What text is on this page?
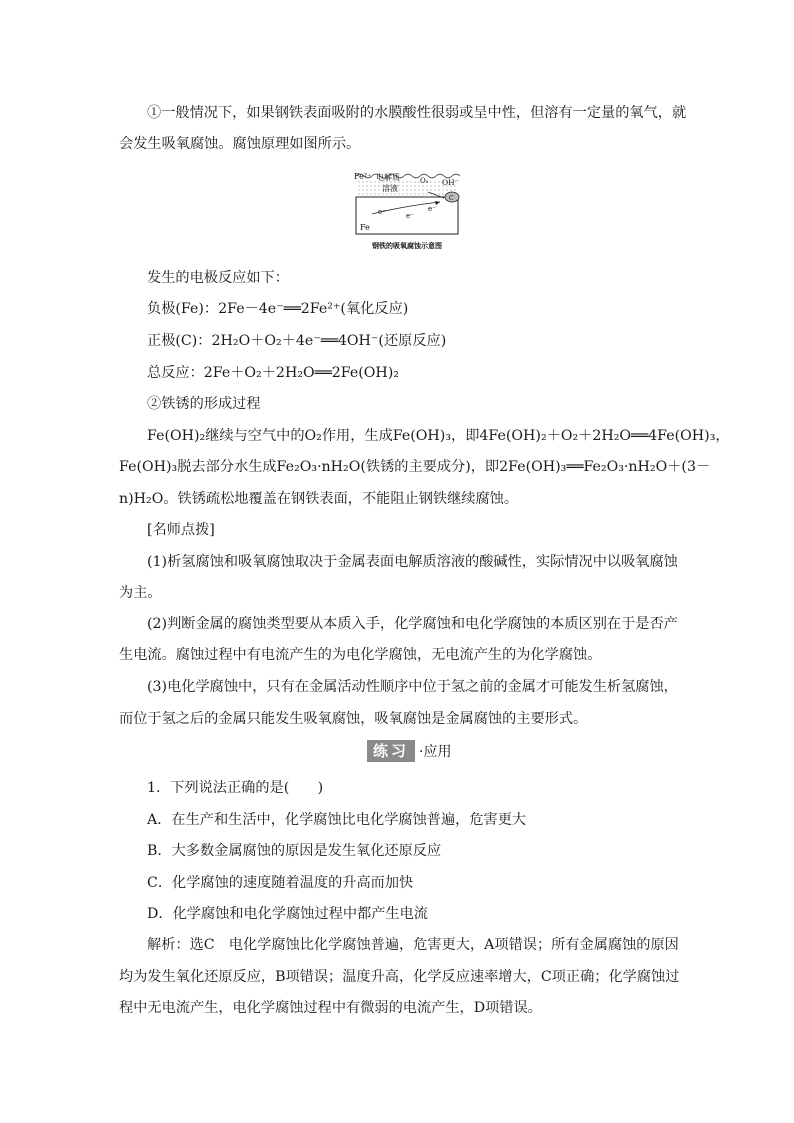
①一般情况下，如果钢铁表面吸附的水膜酸性很弱或呈中性，但溶有一定量的氧气，就
会发生吸氧腐蚀。腐蚀原理如图所示。
Fe²⁺ 电解质
溶液
O₂ OH⁻
C
e⁻	e⁻
e⁻
Fe
钢铁的吸氧腐蚀示意图
发生的电极反应如下：
负极(Fe)：2Fe－4e⁻══2Fe²⁺(氧化反应)
正极(C)：2H₂O＋O₂＋4e⁻══4OH⁻(还原反应)
总反应：2Fe＋O₂＋2H₂O══2Fe(OH)₂
②铁锈的形成过程
Fe(OH)₂继续与空气中的O₂作用，生成Fe(OH)₃，即4Fe(OH)₂＋O₂＋2H₂O══4Fe(OH)₃，
Fe(OH)₃脱去部分水生成Fe₂O₃·nH₂O(铁锈的主要成分)，即2Fe(OH)₃══Fe₂O₃·nH₂O＋(3－
n)H₂O。铁锈疏松地覆盖在钢铁表面，不能阻止钢铁继续腐蚀。
[名师点拨]
(1)析氢腐蚀和吸氧腐蚀取决于金属表面电解质溶液的酸碱性，实际情况中以吸氧腐蚀
为主。
(2)判断金属的腐蚀类型要从本质入手，化学腐蚀和电化学腐蚀的本质区别在于是否产
生电流。腐蚀过程中有电流产生的为电化学腐蚀，无电流产生的为化学腐蚀。
(3)电化学腐蚀中，只有在金属活动性顺序中位于氢之前的金属才可能发生析氢腐蚀，
而位于氢之后的金属只能发生吸氧腐蚀，吸氧腐蚀是金属腐蚀的主要形式。
练习 ·应用
1．下列说法正确的是(　　)
A．在生产和生活中，化学腐蚀比电化学腐蚀普遍，危害更大
B．大多数金属腐蚀的原因是发生氧化还原反应
C．化学腐蚀的速度随着温度的升高而加快
D．化学腐蚀和电化学腐蚀过程中都产生电流
解析：选C　电化学腐蚀比化学腐蚀普遍，危害更大，A项错误；所有金属腐蚀的原因
均为发生氧化还原反应，B项错误；温度升高，化学反应速率增大，C项正确；化学腐蚀过
程中无电流产生，电化学腐蚀过程中有微弱的电流产生，D项错误。
